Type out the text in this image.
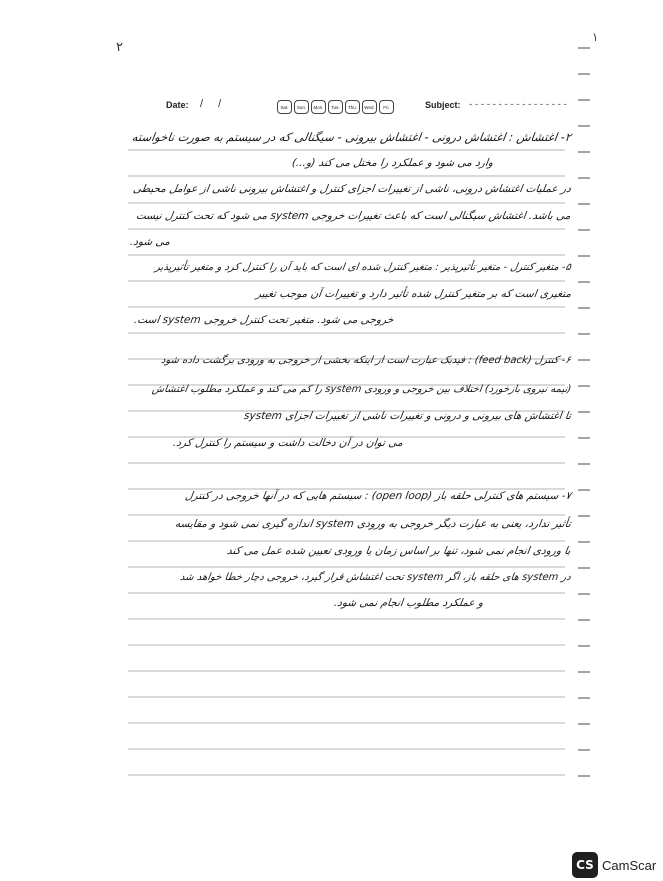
۲
۱
Date: / /	Sat.	Sun.	Mon.	Tue.	Thu.	Wed.	Fri.	Subject: -----------------
۲- اغتشاش : اغتشاش درونی - اغتشاش بیرونی - سیگنالی که در سیستم به صورت ناخواسته
وارد می شود و عملکرد را مختل می کند (و...)
در عملیات اغتشاش درونی، ناشی از تغییرات اجزای کنترل و اغتشاش بیرونی ناشی از عوامل محیطی
می باشد. اغتشاش سیگنالی است که باعث تغییرات خروجی system می شود که تحت کنترل نیست
می شود.
۵- متغیر کنترل - متغیر تأثیرپذیر : متغیر کنترل شده ای است که باید آن را کنترل کرد و متغیر تأثیرپذیر
متغیری است که بر متغیر کنترل شده تأثیر دارد و تغییرات آن موجب تغییر
خروجی می شود. متغیر تحت کنترل خروجی system است.
۶- کنترل (feed back) : فیدبک عبارت است از اینکه بخشی از خروجی به ورودی برگشت داده شود
(نیمه نیروی بازخورد) اختلاف بین خروجی و ورودی system را کم می کند و عملکرد مطلوب اغتشاش
تا اغتشاش های بیرونی و درونی و تغییرات ناشی از تغییرات اجزای system
می توان در آن دخالت داشت و سیستم را کنترل کرد.
۷- سیستم های کنترلی حلقه باز (open loop) : سیستم هایی که در آنها خروجی در کنترل
تأثیر ندارد، یعنی به عبارت دیگر خروجی به ورودی system اندازه گیری نمی شود و مقایسه
با ورودی انجام نمی شود، تنها بر اساس زمان یا ورودی تعیین شده عمل می کند
در system های حلقه باز، اگر system تحت اغتشاش قرار گیرد، خروجی دچار خطا خواهد شد
و عملکرد مطلوب انجام نمی شود.
CS CamScar
